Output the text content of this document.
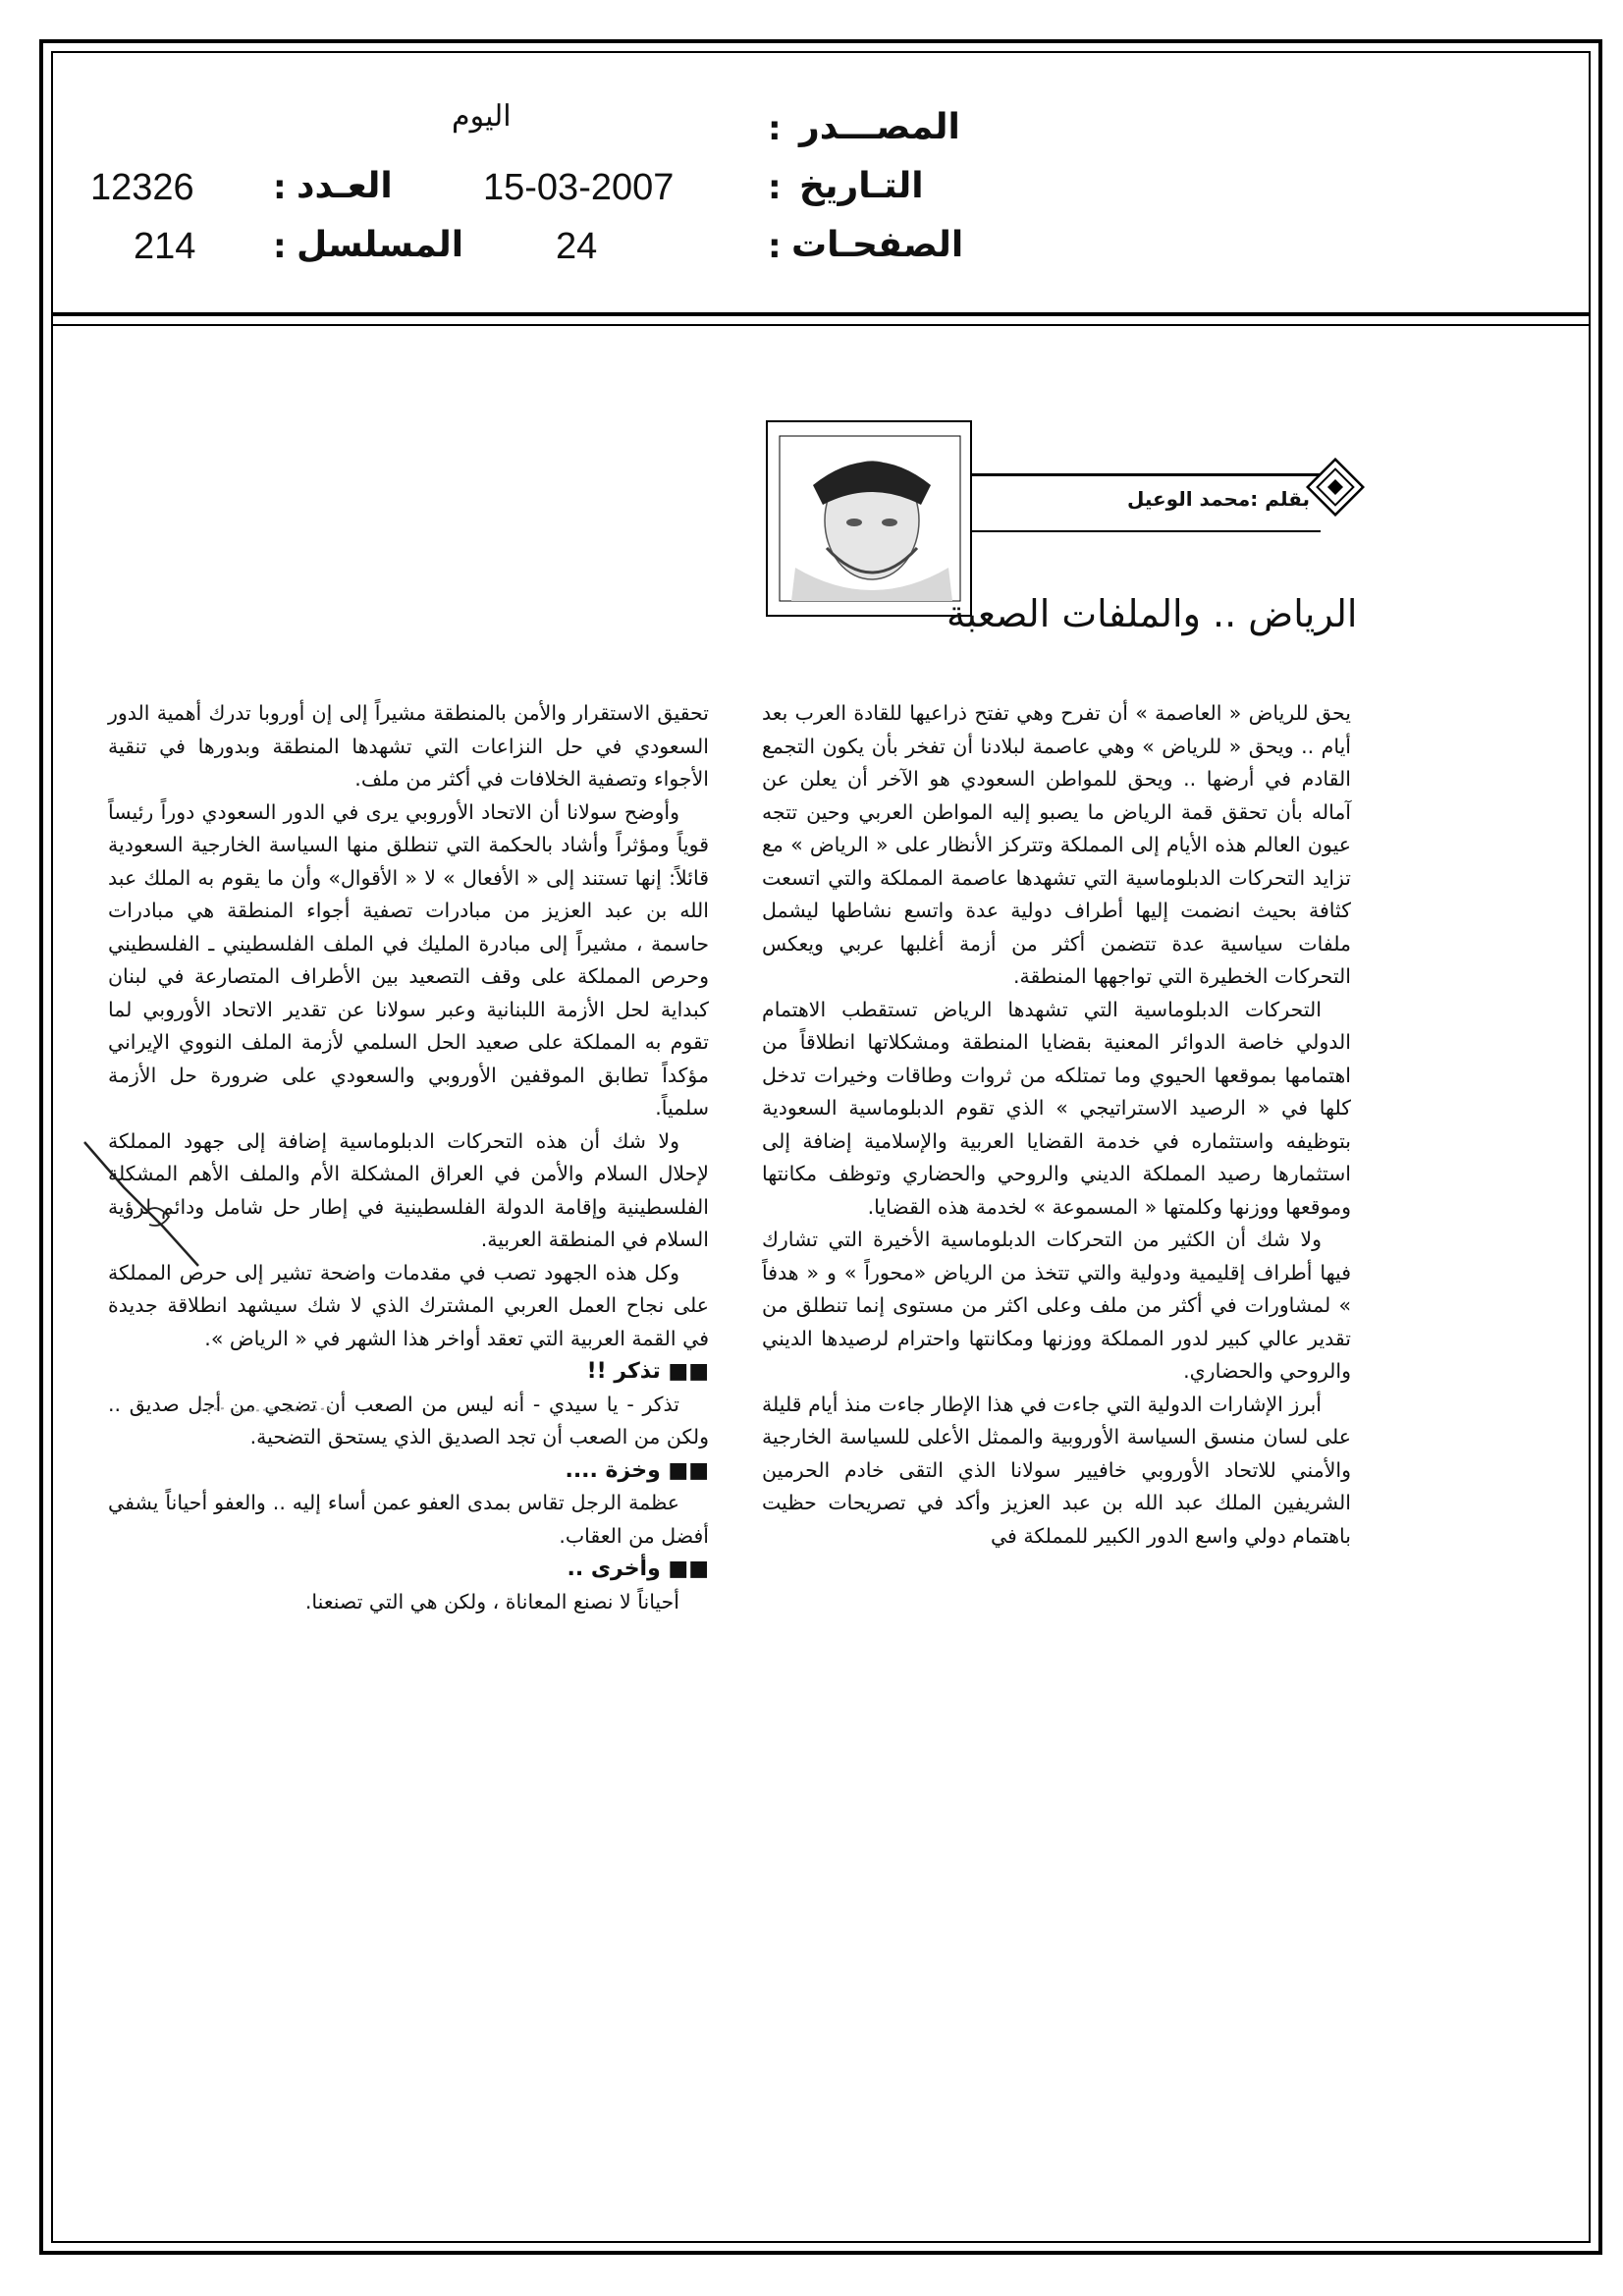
المصـــدر
:
اليوم
التـاريخ
:
15-03-2007
العـدد
:
12326
الصفحـات
:
24
المسلسل
:
214
بقلم :محمد الوعيل
الرياض .. والملفات الصعبة

يحق للرياض « العاصمة » أن تفرح وهي تفتح ذراعيها للقادة العرب بعد أيام .. ويحق « للرياض » وهي عاصمة لبلادنا أن تفخر بأن يكون التجمع القادم في أرضها .. ويحق للمواطن السعودي هو الآخر أن يعلن عن آماله بأن تحقق قمة الرياض ما يصبو إليه المواطن العربي وحين تتجه عيون العالم هذه الأيام إلى المملكة وتتركز الأنظار على « الرياض » مع تزايد التحركات الدبلوماسية التي تشهدها عاصمة المملكة والتي اتسعت كثافة بحيث انضمت إليها أطراف دولية عدة واتسع نشاطها ليشمل ملفات سياسية عدة تتضمن أكثر من أزمة أغلبها عربي ويعكس التحركات الخطيرة التي تواجهها المنطقة.

التحركات الدبلوماسية التي تشهدها الرياض تستقطب الاهتمام الدولي خاصة الدوائر المعنية بقضايا المنطقة ومشكلاتها انطلاقاً من اهتمامها بموقعها الحيوي وما تمتلكه من ثروات وطاقات وخيرات تدخل كلها في « الرصيد الاستراتيجي » الذي تقوم الدبلوماسية السعودية بتوظيفه واستثماره في خدمة القضايا العربية والإسلامية إضافة إلى استثمارها رصيد المملكة الديني والروحي والحضاري وتوظف مكانتها وموقعها ووزنها وكلمتها « المسموعة » لخدمة هذه القضايا.

ولا شك أن الكثير من التحركات الدبلوماسية الأخيرة التي تشارك فيها أطراف إقليمية ودولية والتي تتخذ من الرياض «محوراً » و « هدفاً » لمشاورات في أكثر من ملف وعلى اكثر من مستوى إنما تنطلق من تقدير عالي كبير لدور المملكة ووزنها ومكانتها واحترام لرصيدها الديني والروحي والحضاري.

أبرز الإشارات الدولية التي جاءت في هذا الإطار جاءت منذ أيام قليلة على لسان منسق السياسة الأوروبية والممثل الأعلى للسياسة الخارجية والأمني للاتحاد الأوروبي خافيير سولانا الذي التقى خادم الحرمين الشريفين الملك عبد الله بن عبد العزيز وأكد في تصريحات حظيت باهتمام دولي واسع الدور الكبير للمملكة في

تحقيق الاستقرار والأمن بالمنطقة مشيراً إلى إن أوروبا تدرك أهمية الدور السعودي في حل النزاعات التي تشهدها المنطقة وبدورها في تنقية الأجواء وتصفية الخلافات في أكثر من ملف.

وأوضح سولانا أن الاتحاد الأوروبي يرى في الدور السعودي دوراً رئيساً قوياً ومؤثراً وأشاد بالحكمة التي تنطلق منها السياسة الخارجية السعودية قائلاً: إنها تستند إلى « الأفعال » لا « الأقوال» وأن ما يقوم به الملك عبد الله بن عبد العزيز من مبادرات تصفية أجواء المنطقة هي مبادرات حاسمة ، مشيراً إلى مبادرة المليك في الملف الفلسطيني ـ الفلسطيني وحرص المملكة على وقف التصعيد بين الأطراف المتصارعة في لبنان كبداية لحل الأزمة اللبنانية وعبر سولانا عن تقدير الاتحاد الأوروبي لما تقوم به المملكة على صعيد الحل السلمي لأزمة الملف النووي الإيراني مؤكداً تطابق الموقفين الأوروبي والسعودي على ضرورة حل الأزمة سلمياً.

ولا شك أن هذه التحركات الدبلوماسية إضافة إلى جهود المملكة لإحلال السلام والأمن في العراق المشكلة الأم والملف الأهم المشكلة الفلسطينية وإقامة الدولة الفلسطينية في إطار حل شامل ودائم لرؤية السلام في المنطقة العربية.

وكل هذه الجهود تصب في مقدمات واضحة تشير إلى حرص المملكة على نجاح العمل العربي المشترك الذي لا شك سيشهد انطلاقة جديدة في القمة العربية التي تعقد أواخر هذا الشهر في « الرياض ».

■■ تذكر !!

تذكر - يا سيدي - أنه ليس من الصعب أن تضحي من أجل صديق .. ولكن من الصعب أن تجد الصديق الذي يستحق التضحية.

■■ وخزة ....

عظمة الرجل تقاس بمدى العفو عمن أساء إليه .. والعفو أحياناً يشفي أفضل من العقاب.

■■ وأخرى ..

أحياناً لا نصنع المعاناة ، ولكن هي التي تصنعنا.
